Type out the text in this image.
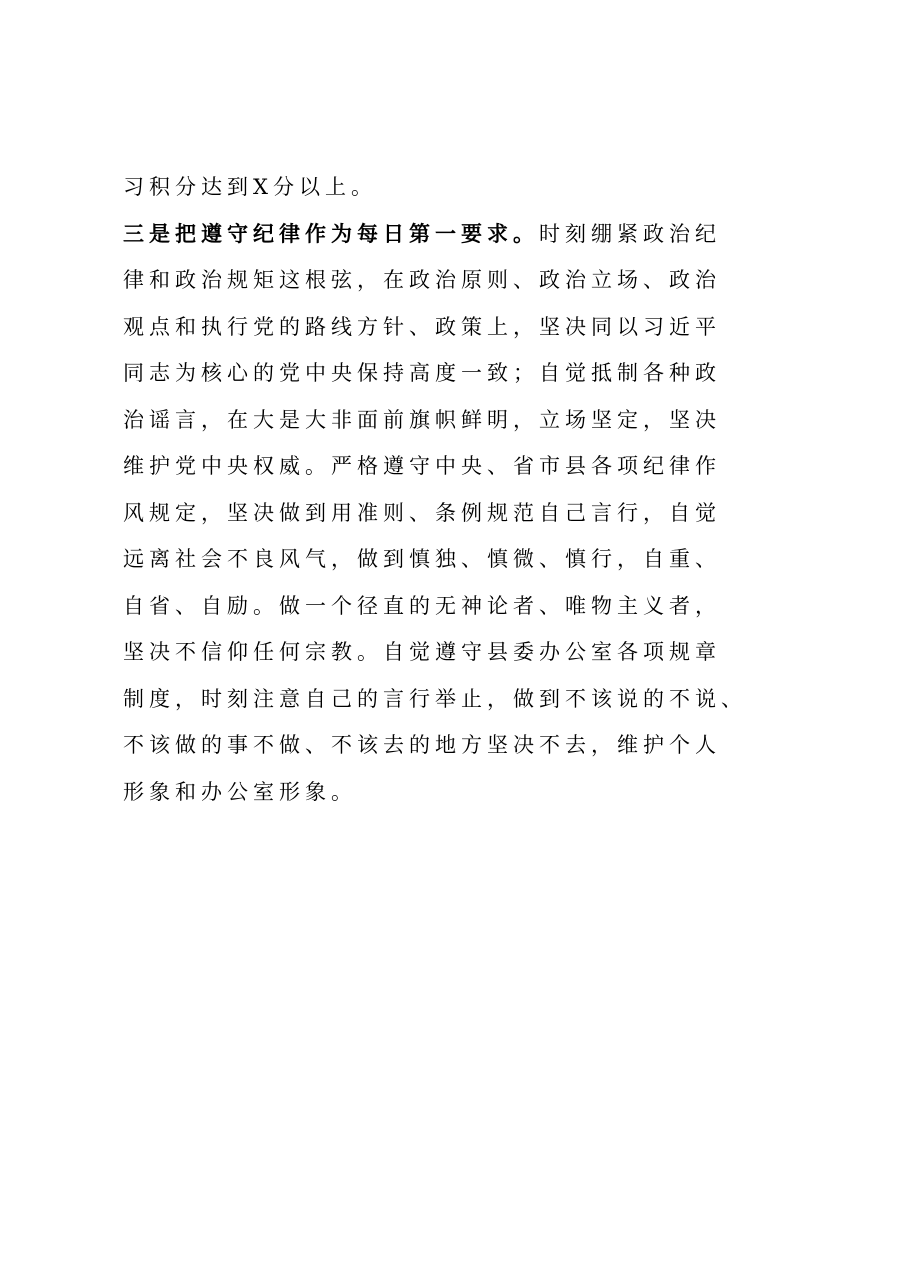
习积分达到X分以上。
三是把遵守纪律作为每日第一要求。时刻绷紧政治纪
律和政治规矩这根弦，在政治原则、政治立场、政治
观点和执行党的路线方针、政策上，坚决同以习近平
同志为核心的党中央保持高度一致；自觉抵制各种政
治谣言，在大是大非面前旗帜鲜明，立场坚定，坚决
维护党中央权威。严格遵守中央、省市县各项纪律作
风规定，坚决做到用准则、条例规范自己言行，自觉
远离社会不良风气，做到慎独、慎微、慎行，自重、
自省、自励。做一个径直的无神论者、唯物主义者，
坚决不信仰任何宗教。自觉遵守县委办公室各项规章
制度，时刻注意自己的言行举止，做到不该说的不说、
不该做的事不做、不该去的地方坚决不去，维护个人
形象和办公室形象。
